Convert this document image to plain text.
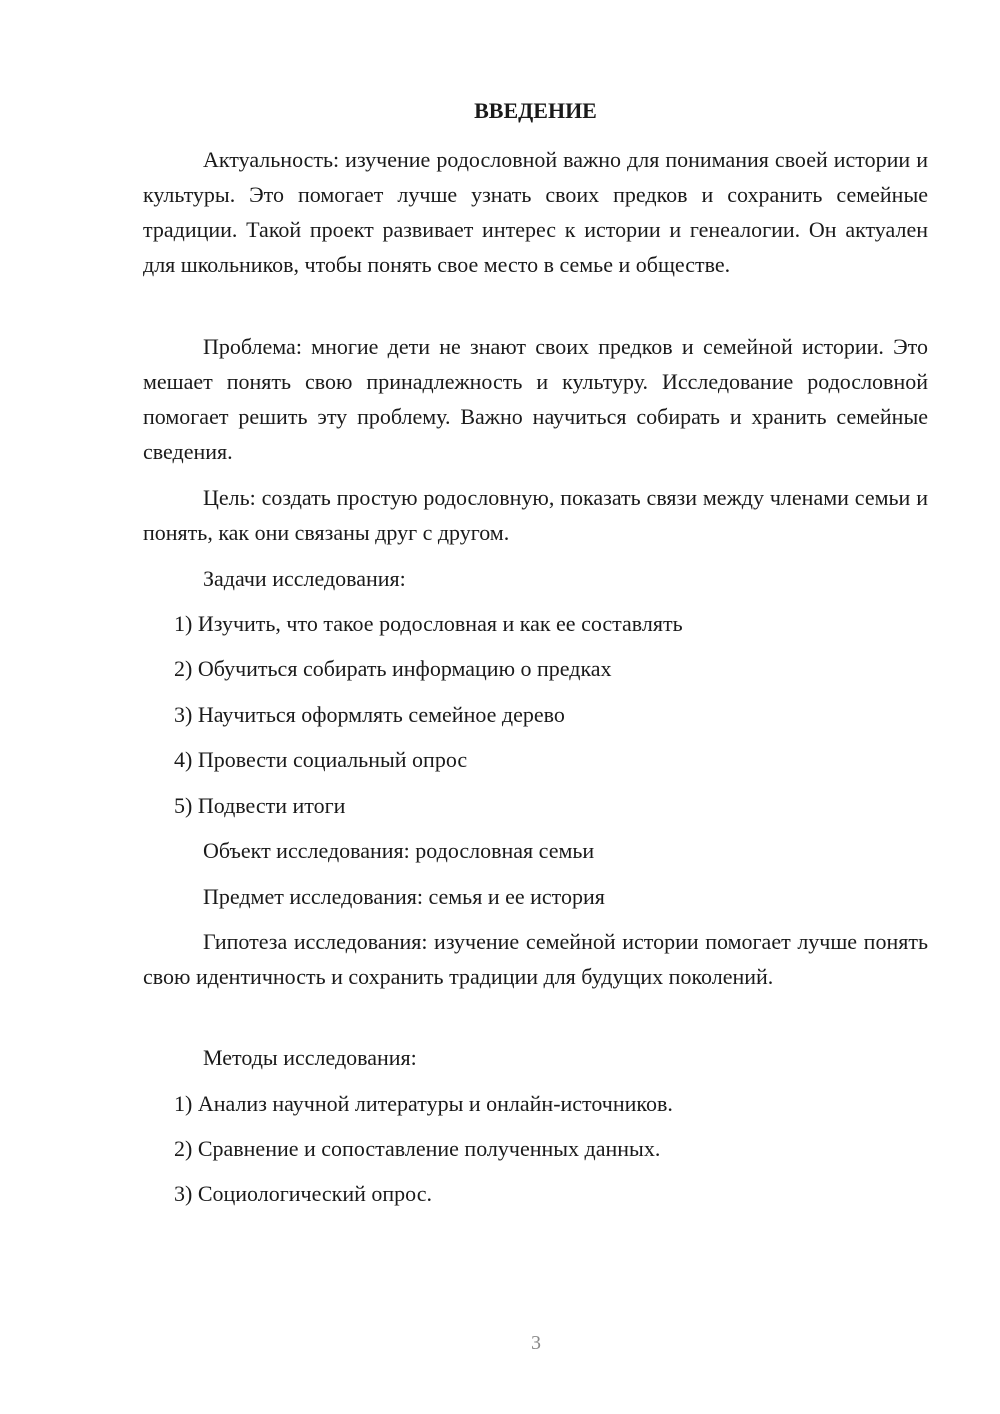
ВВЕДЕНИЕ

Актуальность: изучение родословной важно для понимания своей истории и культуры. Это помогает лучше узнать своих предков и сохранить семейные традиции. Такой проект развивает интерес к истории и генеалогии. Он актуален для школьников, чтобы понять свое место в семье и обществе.

Проблема: многие дети не знают своих предков и семейной истории. Это мешает понять свою принадлежность и культуру. Исследование родословной помогает решить эту проблему. Важно научиться собирать и хранить семейные сведения.

Цель: создать простую родословную, показать связи между членами семьи и понять, как они связаны друг с другом.

Задачи исследования:

1) Изучить, что такое родословная и как ее составлять

2) Обучиться собирать информацию о предках

3) Научиться оформлять семейное дерево

4) Провести социальный опрос

5) Подвести итоги

Объект исследования: родословная семьи

Предмет исследования: семья и ее история

Гипотеза исследования: изучение семейной истории помогает лучше понять свою идентичность и сохранить традиции для будущих поколений.

Методы исследования:

1) Анализ научной литературы и онлайн-источников.

2) Сравнение и сопоставление полученных данных.

3) Социологический опрос.

3
